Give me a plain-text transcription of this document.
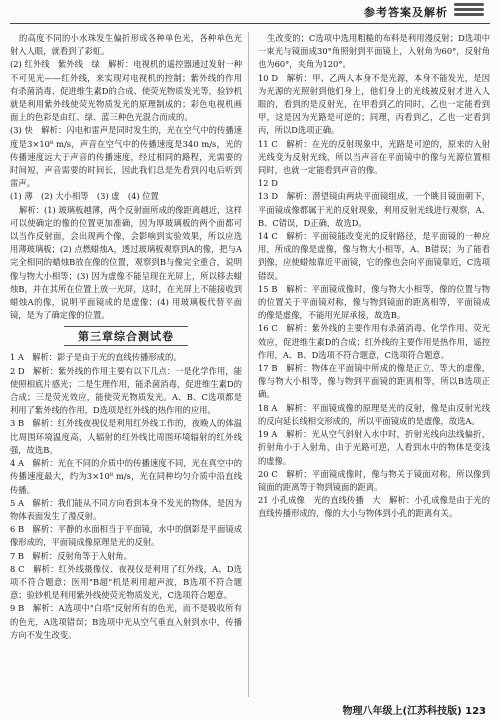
参考答案及解析

的高度不同的小水珠发生偏折形成各种单色光，各种单色光射入人眼，就看到了彩虹。

(2) 红外线　紫外线　绿　解析：电视机的遥控器通过发射一种不可见光——红外线，来实现对电视机的控制；紫外线的作用有杀菌消毒、促进维生素D的合成、使荧光物质发光等，验钞机就是利用紫外线使荧光物质发光的原理制成的；彩色电视机画面上的色彩是由红、绿、蓝三种色光混合而成的。

(3) 快　解析：闪电和雷声是同时发生的，光在空气中的传播速度是3×10⁸ m/s，声音在空气中的传播速度是340 m/s，光的传播速度远大于声音的传播速度，经过相同的路程，光需要的时间短，声音需要的时间长，因此我们总是先看到闪电后听到雷声。

(1) 薄　(2) 大小相等　(3) 虚　(4) 位置

解析：(1) 玻璃板越薄，两个反射面所成的像距离越近，这样可以使确定的像的位置更加准确，因为厚玻璃板的两个面都可以当作反射面，会出现两个像，会影响到实验效果，所以应选用薄玻璃板；(2) 点燃蜡烛A，透过玻璃板观察到A的像，把与A完全相同的蜡烛B放在像的位置，观察到B与像完全重合，说明像与物大小相等；(3) 因为虚像不能呈现在光屏上，所以移去蜡烛B，并在其所在位置上放一光屏，这时，在光屏上不能接收到蜡烛A的像，说明平面镜成的是虚像；(4) 用玻璃板代替平面镜，是为了确定像的位置。

第三章综合测试卷

1 A　解析：影子是由于光的直线传播形成的。

2 D　解析：紫外线的作用主要有以下几点：一是化学作用，能使照相底片感光；二是生理作用，能杀菌消毒，促进维生素D的合成；三是荧光效应，能使荧光物质发光。A、B、C选项都是利用了紫外线的作用，D选项是红外线的热作用的应用。

3 B　解析：红外线夜视仪是利用红外线工作的，夜晚人的体温比周围环境温度高，人辐射的红外线比周围环境辐射的红外线强，故选B。

4 A　解析：光在不同的介质中的传播速度不同，光在真空中的传播速度最大，约为3×10⁸ m/s，光在同种均匀介质中沿直线传播。

5 A　解析：我们能从不同方向看到本身不发光的物体，是因为物体表面发生了漫反射。

6 B　解析：平静的水面相当于平面镜，水中的倒影是平面镜成像形成的，平面镜成像原理是光的反射。

7 B　解析：反射角等于入射角。

8 C　解析：红外线摄像仪、夜视仪是利用了红外线，A、D选项不符合题意；医用"B超"机是利用超声波，B选项不符合题意；验钞机是利用紫外线使荧光物质发光，C选项符合题意。

9 B　解析：A选项中"白塔"反射所有的色光，而不是吸收所有的色光，A选项错误；B选项中光从空气垂直入射到水中，传播方向不发生改变。

生改变的；C选项中选用粗糙的布料是利用漫反射；D选项中一束光与镜面成30°角照射到平面镜上，入射角为60°，反射角也为60°，夹角为120°。

10 D　解析：甲、乙两人本身不是光源，本身不能发光，是因为光源的光照射到他们身上，他们身上的光线被反射才进入人眼的，看到的是反射光，在甲看到乙的同时，乙也一定能看到甲，这是因为光路是可逆的；同理，丙看到乙，乙也一定看到丙，所以D选项正确。

11 C　解析：在光的反射现象中，光路是可逆的，原来的入射光线变为反射光线，所以当声音在平面镜中的像与光源位置相同时，也就一定能看到声音的像。

12 D

13 D　解析：潜望镜由两块平面镜组成，一个眺目镜面朝下，平面镜成像都属于光的反射现象，利用反射光线进行观察，A、B、C错误，D正确，故选D。

14 C　解析：平面镜能改变光的反射路径，是平面镜的一种应用，所成的像是虚像，像与物大小相等，A、B错误；为了能看到像，应使蜡烛靠近平面镜，它的像也会向平面镜靠近，C选项错误。

15 B　解析：平面镜成像时，像与物大小相等，像的位置与物的位置关于平面镜对称，像与物到镜面的距离相等，平面镜成的像是虚像，不能用光屏承接，故选B。

16 C　解析：紫外线的主要作用有杀菌消毒、化学作用、荧光效应，促进维生素D的合成；红外线的主要作用是热作用，遥控作用，A、B、D选项不符合题意，C选项符合题意。

17 B　解析：物体在平面镜中所成的像是正立、等大的虚像，像与物大小相等，像与物到平面镜的距离相等，所以B选项正确。

18 A　解析：平面镜成像的原理是光的反射，像是由反射光线的反向延长线相交形成的，所以平面镜成的是虚像，故选A。

19 A　解析：光从空气斜射入水中时，折射光线向法线偏折，折射角小于入射角，由于光路可逆，人看到水中的物体是变浅的虚像。

20 C　解析：平面镜成像时，像与物关于镜面对称，所以像到镜面的距离等于物到镜面的距离。

21 小孔成像　光的直线传播　大　解析：小孔成像是由于光的直线传播形成的，像的大小与物体到小孔的距离有关。

物理八年级上(江苏科技版) 123
